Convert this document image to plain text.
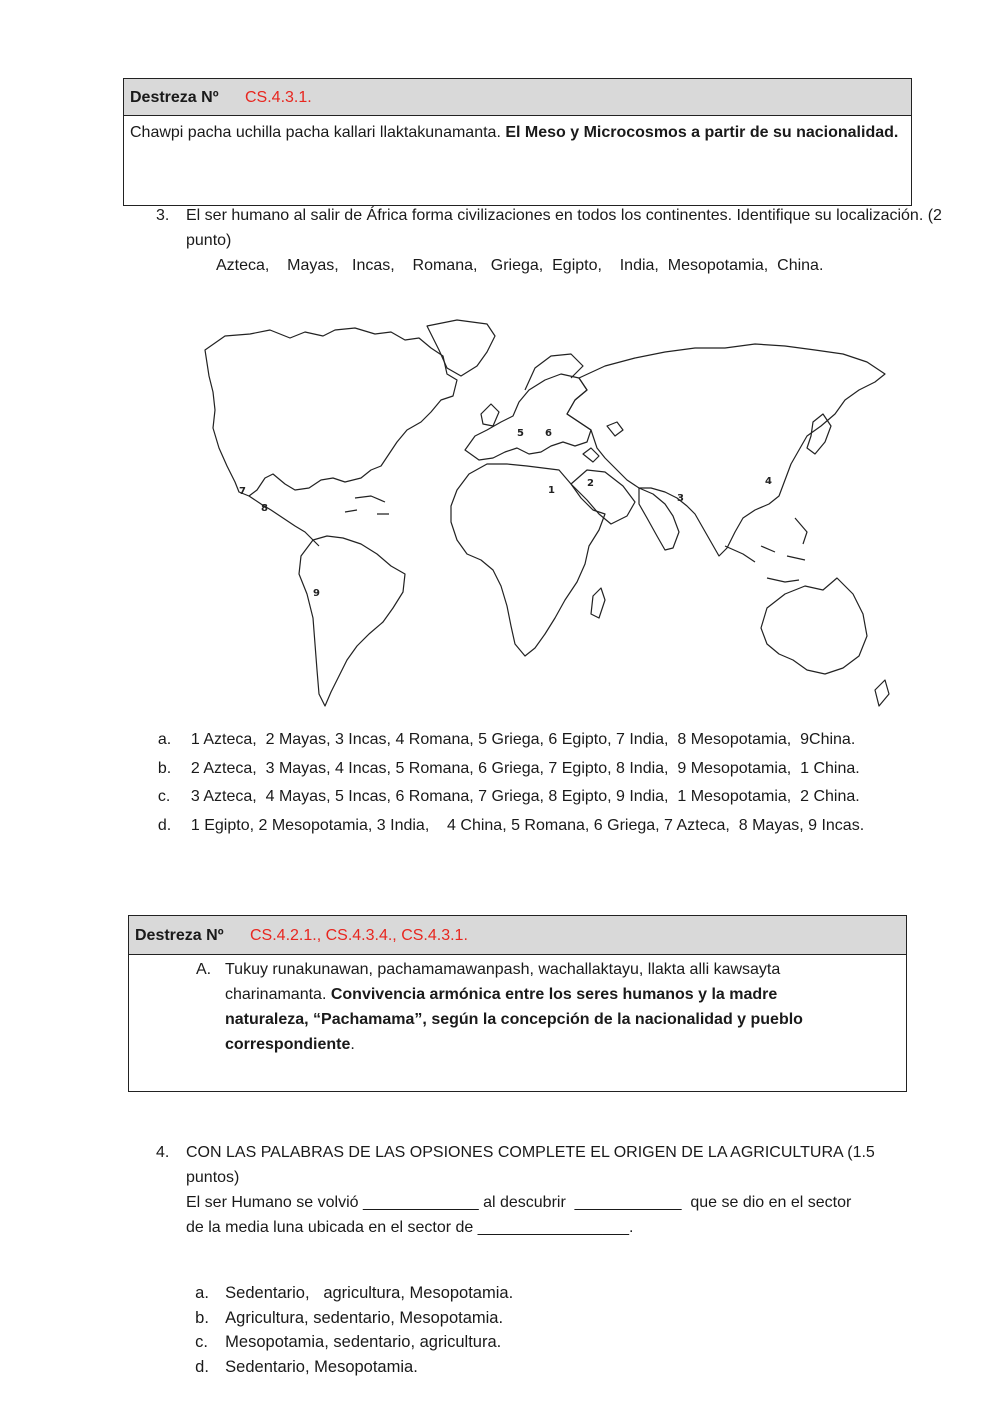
Destreza Nº CS.4.3.1.
Chawpi pacha uchilla pacha kallari llaktakunamanta. El Meso y Microcosmos a partir de su nacionalidad.
3. El ser humano al salir de África forma civilizaciones en todos los continentes. Identifique su localización. (2 punto)
Azteca,    Mayas,   Incas,    Romana,   Griega,  Egipto,    India,  Mesopotamia,  China.
1
2
3
4
5 6
7
8
9

a. 1 Azteca,  2 Mayas, 3 Incas, 4 Romana, 5 Griega, 6 Egipto, 7 India,  8 Mesopotamia,  9China.

b. 2 Azteca,  3 Mayas, 4 Incas, 5 Romana, 6 Griega, 7 Egipto, 8 India,  9 Mesopotamia,  1 China.

c. 3 Azteca,  4 Mayas, 5 Incas, 6 Romana, 7 Griega, 8 Egipto, 9 India,  1 Mesopotamia,  2 China.

d. 1 Egipto, 2 Mesopotamia, 3 India,    4 China, 5 Romana, 6 Griega, 7 Azteca,  8 Mayas, 9 Incas.

Destreza Nº CS.4.2.1., CS.4.3.4., CS.4.3.1.
A. Tukuy runakunawan, pachamamawanpash, wachallaktayu, llakta alli kawsayta charinamanta. Convivencia armónica entre los seres humanos y la madre naturaleza, “Pachamama”, según la concepción de la nacionalidad y pueblo correspondiente.
4. CON LAS PALABRAS DE LAS OPSIONES COMPLETE EL ORIGEN DE LA AGRICULTURA (1.5 puntos)
El ser Humano se volvió _____________ al descubrir  ____________  que se dio en el sector
de la media luna ubicada en el sector de _________________.

a. Sedentario,   agricultura, Mesopotamia.

b. Agricultura, sedentario, Mesopotamia.

c. Mesopotamia, sedentario, agricultura.

d. Sedentario, Mesopotamia.
